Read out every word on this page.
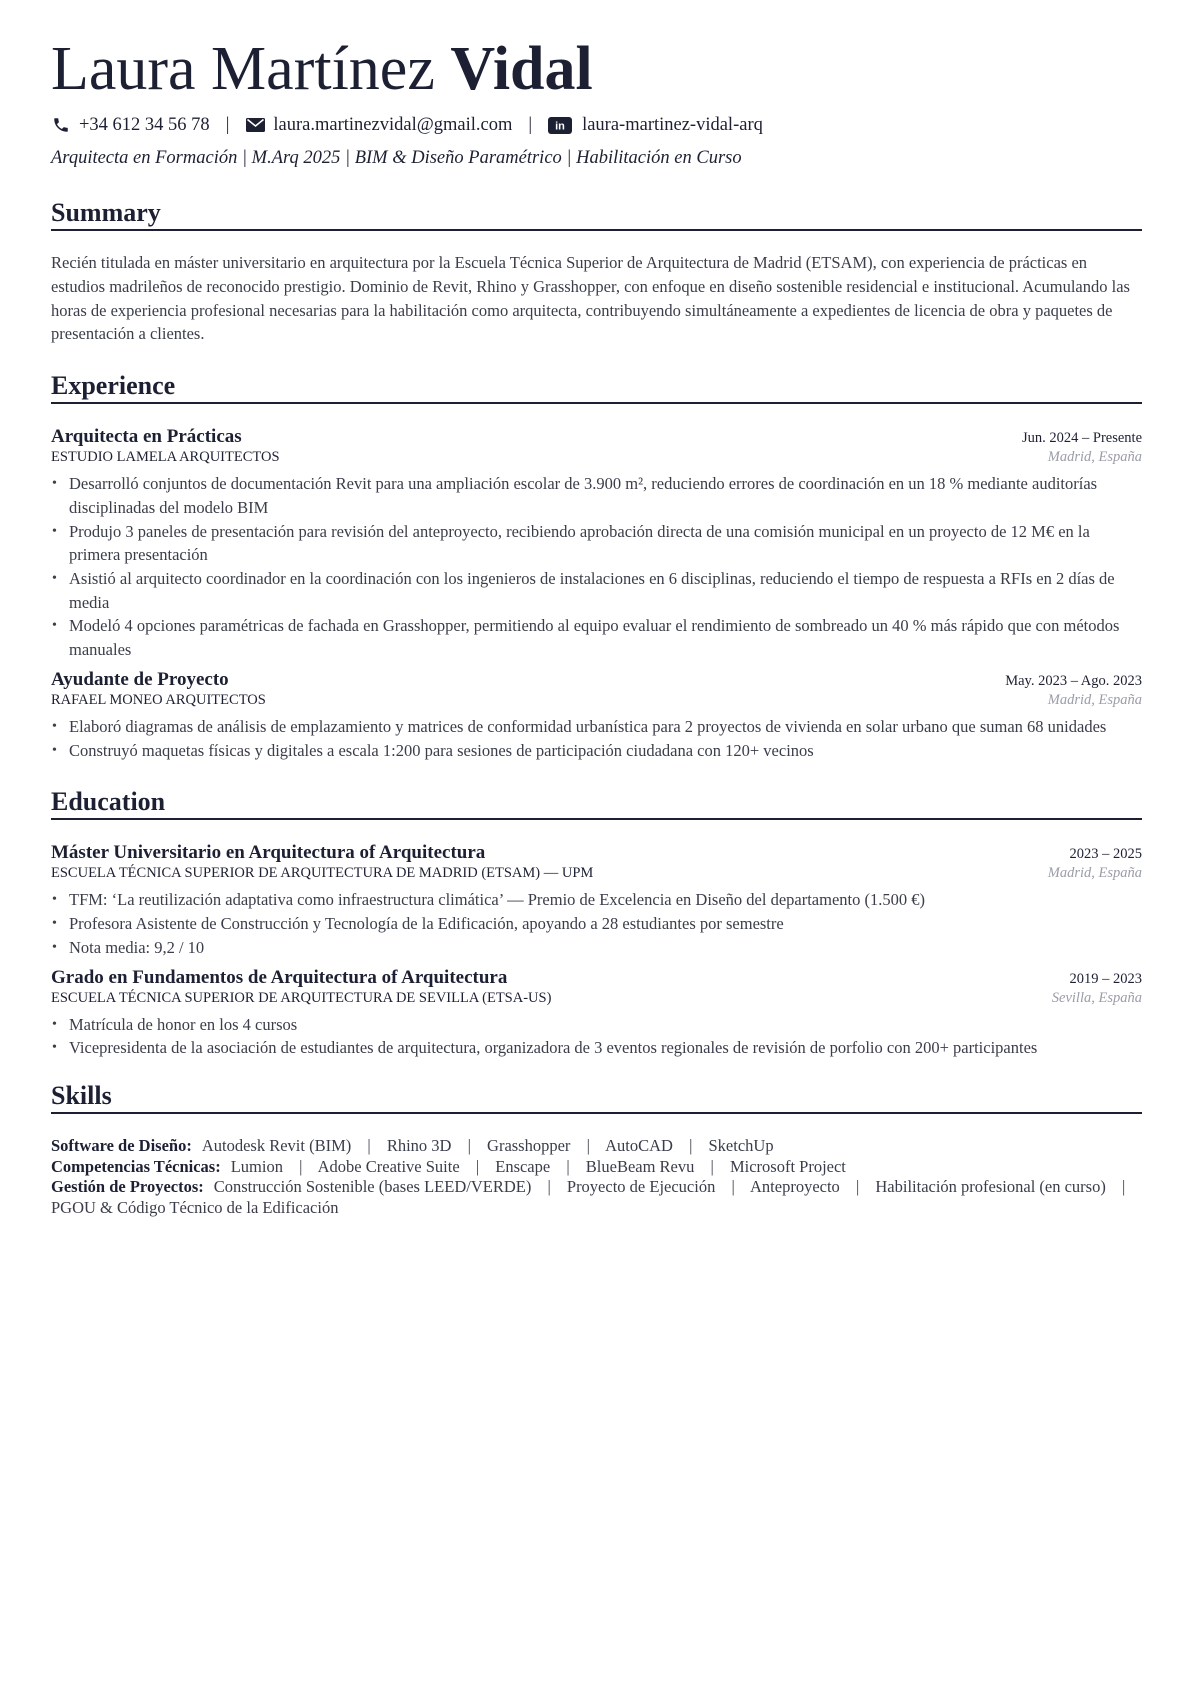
Laura Martínez Vidal
+34 612 34 56 78 | laura.martinezvidal@gmail.com | in laura-martinez-vidal-arq
Arquitecta en Formación | M.Arq 2025 | BIM & Diseño Paramétrico | Habilitación en Curso
Summary

Recién titulada en máster universitario en arquitectura por la Escuela Técnica Superior de Arquitectura de Madrid (ETSAM), con experiencia de prácticas en estudios madrileños de reconocido prestigio. Dominio de Revit, Rhino y Grasshopper, con enfoque en diseño sostenible residencial e institucional. Acumulando las horas de experiencia profesional necesarias para la habilitación como arquitecta, contribuyendo simultáneamente a expedientes de licencia de obra y paquetes de presentación a clientes.

Experience
Arquitecta en Prácticas	Jun. 2024 – Presente
ESTUDIO LAMELA ARQUITECTOS	Madrid, España
• Desarrolló conjuntos de documentación Revit para una ampliación escolar de 3.900 m², reduciendo errores de coordinación en un 18 % mediante auditorías disciplinadas del modelo BIM
• Produjo 3 paneles de presentación para revisión del anteproyecto, recibiendo aprobación directa de una comisión municipal en un proyecto de 12 M€ en la primera presentación
• Asistió al arquitecto coordinador en la coordinación con los ingenieros de instalaciones en 6 disciplinas, reduciendo el tiempo de respuesta a RFIs en 2 días de media
• Modeló 4 opciones paramétricas de fachada en Grasshopper, permitiendo al equipo evaluar el rendimiento de sombreado un 40 % más rápido que con métodos manuales
Ayudante de Proyecto	May. 2023 – Ago. 2023
RAFAEL MONEO ARQUITECTOS	Madrid, España
• Elaboró diagramas de análisis de emplazamiento y matrices de conformidad urbanística para 2 proyectos de vivienda en solar urbano que suman 68 unidades
• Construyó maquetas físicas y digitales a escala 1:200 para sesiones de participación ciudadana con 120+ vecinos
Education
Máster Universitario en Arquitectura of Arquitectura	2023 – 2025
ESCUELA TÉCNICA SUPERIOR DE ARQUITECTURA DE MADRID (ETSAM) — UPM	Madrid, España
• TFM: ‘La reutilización adaptativa como infraestructura climática’ — Premio de Excelencia en Diseño del departamento (1.500 €)
• Profesora Asistente de Construcción y Tecnología de la Edificación, apoyando a 28 estudiantes por semestre
• Nota media: 9,2 / 10
Grado en Fundamentos de Arquitectura of Arquitectura	2019 – 2023
ESCUELA TÉCNICA SUPERIOR DE ARQUITECTURA DE SEVILLA (ETSA-US)	Sevilla, España
• Matrícula de honor en los 4 cursos
• Vicepresidenta de la asociación de estudiantes de arquitectura, organizadora de 3 eventos regionales de revisión de porfolio con 200+ participantes
Skills
Software de Diseño: Autodesk Revit (BIM) | Rhino 3D | Grasshopper | AutoCAD | SketchUp
Competencias Técnicas: Lumion | Adobe Creative Suite | Enscape | BlueBeam Revu | Microsoft Project
Gestión de Proyectos: Construcción Sostenible (bases LEED/VERDE) | Proyecto de Ejecución | Anteproyecto | Habilitación profesional (en curso) | PGOU & Código Técnico de la Edificación
